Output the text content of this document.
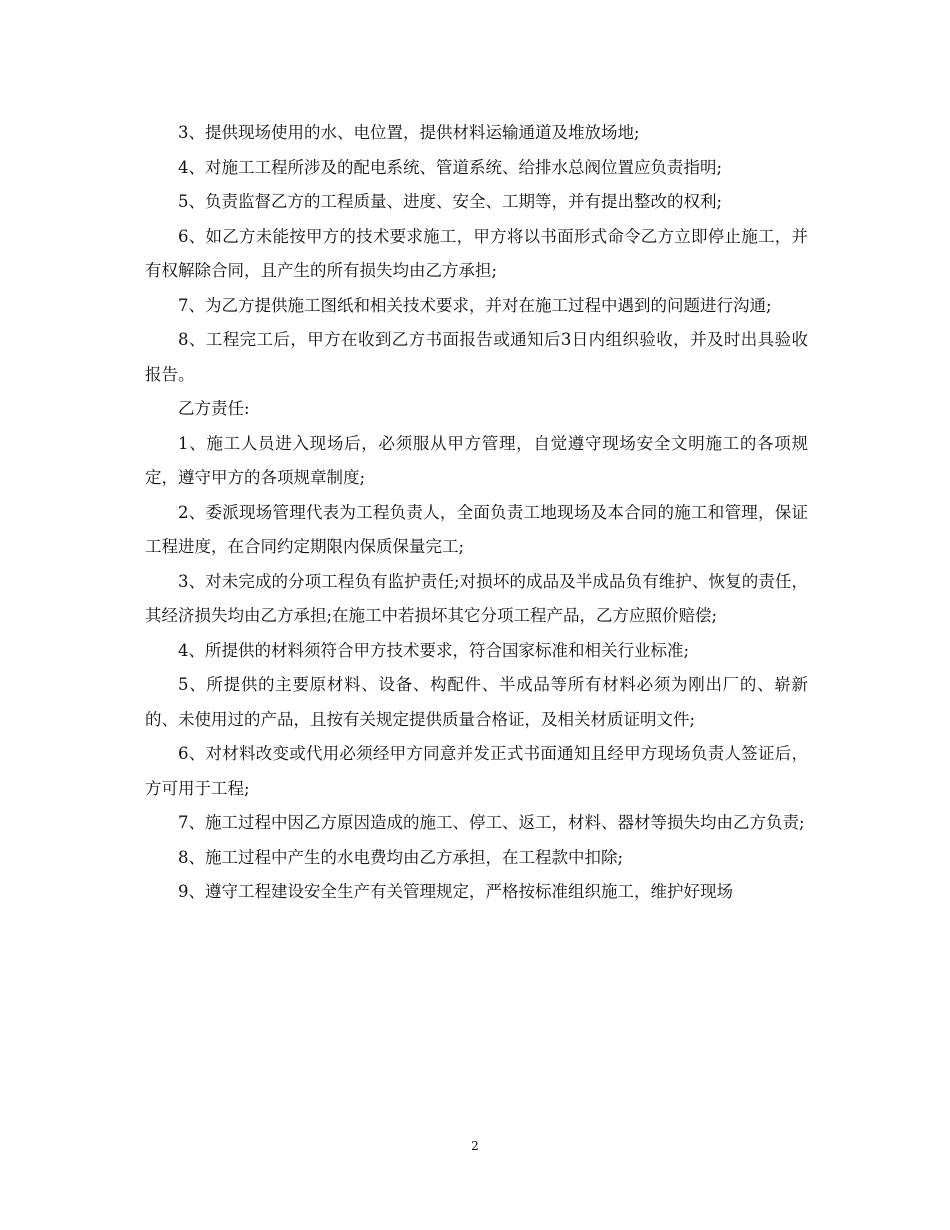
3、提供现场使用的水、电位置，提供材料运输通道及堆放场地;

4、对施工工程所涉及的配电系统、管道系统、给排水总阀位置应负责指明;

5、负责监督乙方的工程质量、进度、安全、工期等，并有提出整改的权利;

6、如乙方未能按甲方的技术要求施工，甲方将以书面形式命令乙方立即停止施工，并有权解除合同，且产生的所有损失均由乙方承担;

7、为乙方提供施工图纸和相关技术要求，并对在施工过程中遇到的问题进行沟通;

8、工程完工后，甲方在收到乙方书面报告或通知后3日内组织验收，并及时出具验收报告。

乙方责任:

1、施工人员进入现场后，必须服从甲方管理，自觉遵守现场安全文明施工的各项规定，遵守甲方的各项规章制度;

2、委派现场管理代表为工程负责人，全面负责工地现场及本合同的施工和管理，保证工程进度，在合同约定期限内保质保量完工;

3、对未完成的分项工程负有监护责任;对损坏的成品及半成品负有维护、恢复的责任，其经济损失均由乙方承担;在施工中若损坏其它分项工程产品，乙方应照价赔偿;

4、所提供的材料须符合甲方技术要求，符合国家标准和相关行业标准;

5、所提供的主要原材料、设备、构配件、半成品等所有材料必须为刚出厂的、崭新的、未使用过的产品，且按有关规定提供质量合格证，及相关材质证明文件;

6、对材料改变或代用必须经甲方同意并发正式书面通知且经甲方现场负责人签证后，方可用于工程;

7、施工过程中因乙方原因造成的施工、停工、返工，材料、器材等损失均由乙方负责;

8、施工过程中产生的水电费均由乙方承担，在工程款中扣除;

9、遵守工程建设安全生产有关管理规定，严格按标准组织施工，维护好现场

2
